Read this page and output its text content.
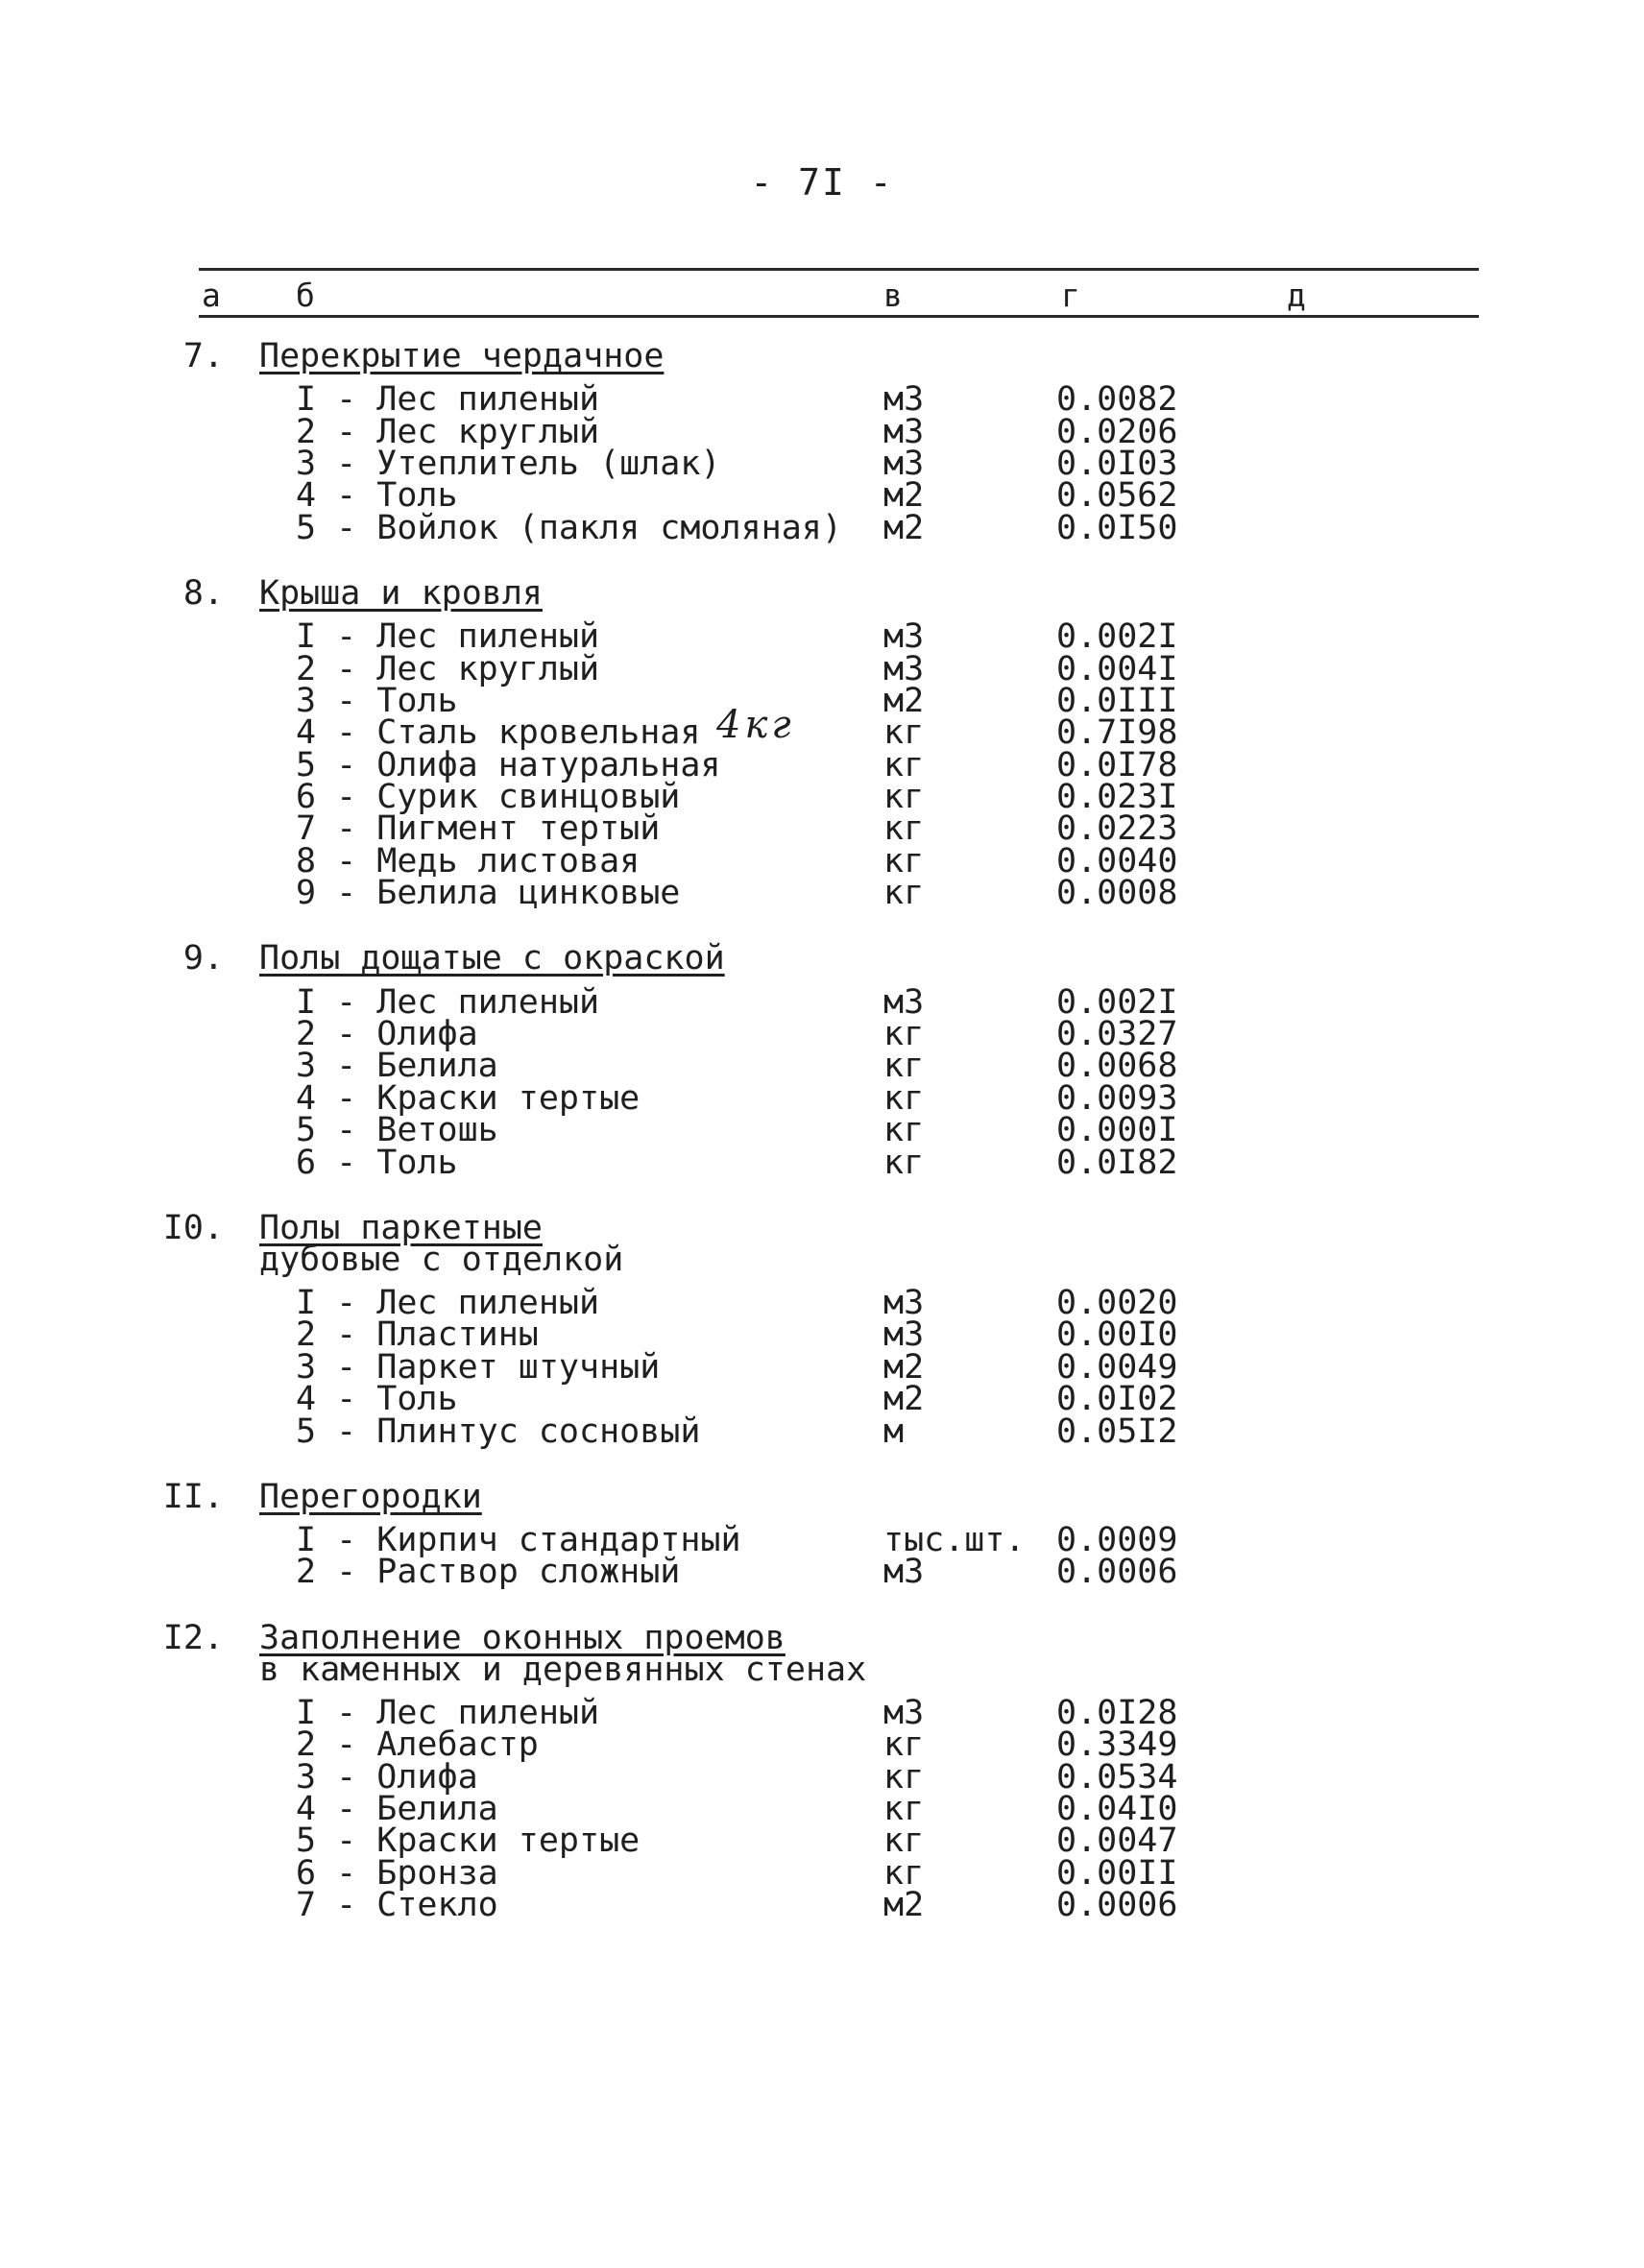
- 7I -
а б	в	г	д
7.	Перекрытие чердачное
I - Лес пиленый	м3	0.0082
2 - Лес круглый	м3	0.0206
3 - Утеплитель (шлак)	м3	0.0I03
4 - Толь	м2	0.0562
5 - Войлок (пакля смоляная)	м2	0.0I50
8.	Крыша и кровля
I - Лес пиленый	м3	0.002I
2 - Лес круглый	м3	0.004I
3 - Толь	м2	0.0III
4 - Сталь кровельная 4кг	кг	0.7I98
5 - Олифа натуральная	кг	0.0I78
6 - Сурик свинцовый	кг	0.023I
7 - Пигмент тертый	кг	0.0223
8 - Медь листовая	кг	0.0040
9 - Белила цинковые	кг	0.0008
9.	Полы дощатые с окраской
I - Лес пиленый	м3	0.002I
2 - Олифа	кг	0.0327
3 - Белила	кг	0.0068
4 - Краски тертые	кг	0.0093
5 - Ветошь	кг	0.000I
6 - Толь	кг	0.0I82
I0.	Полы паркетные
дубовые с отделкой
I - Лес пиленый	м3	0.0020
2 - Пластины	м3	0.00I0
3 - Паркет штучный	м2	0.0049
4 - Толь	м2	0.0I02
5 - Плинтус сосновый	м	0.05I2
II.	Перегородки
I - Кирпич стандартный	тыс.шт. 0.0009
2 - Раствор сложный	м3	0.0006
I2.	Заполнение оконных проемов
в каменных и деревянных стенах
I - Лес пиленый	м3	0.0I28
2 - Алебастр	кг	0.3349
3 - Олифа	кг	0.0534
4 - Белила	кг	0.04I0
5 - Краски тертые	кг	0.0047
6 - Бронза	кг	0.00II
7 - Стекло	м2	0.0006
